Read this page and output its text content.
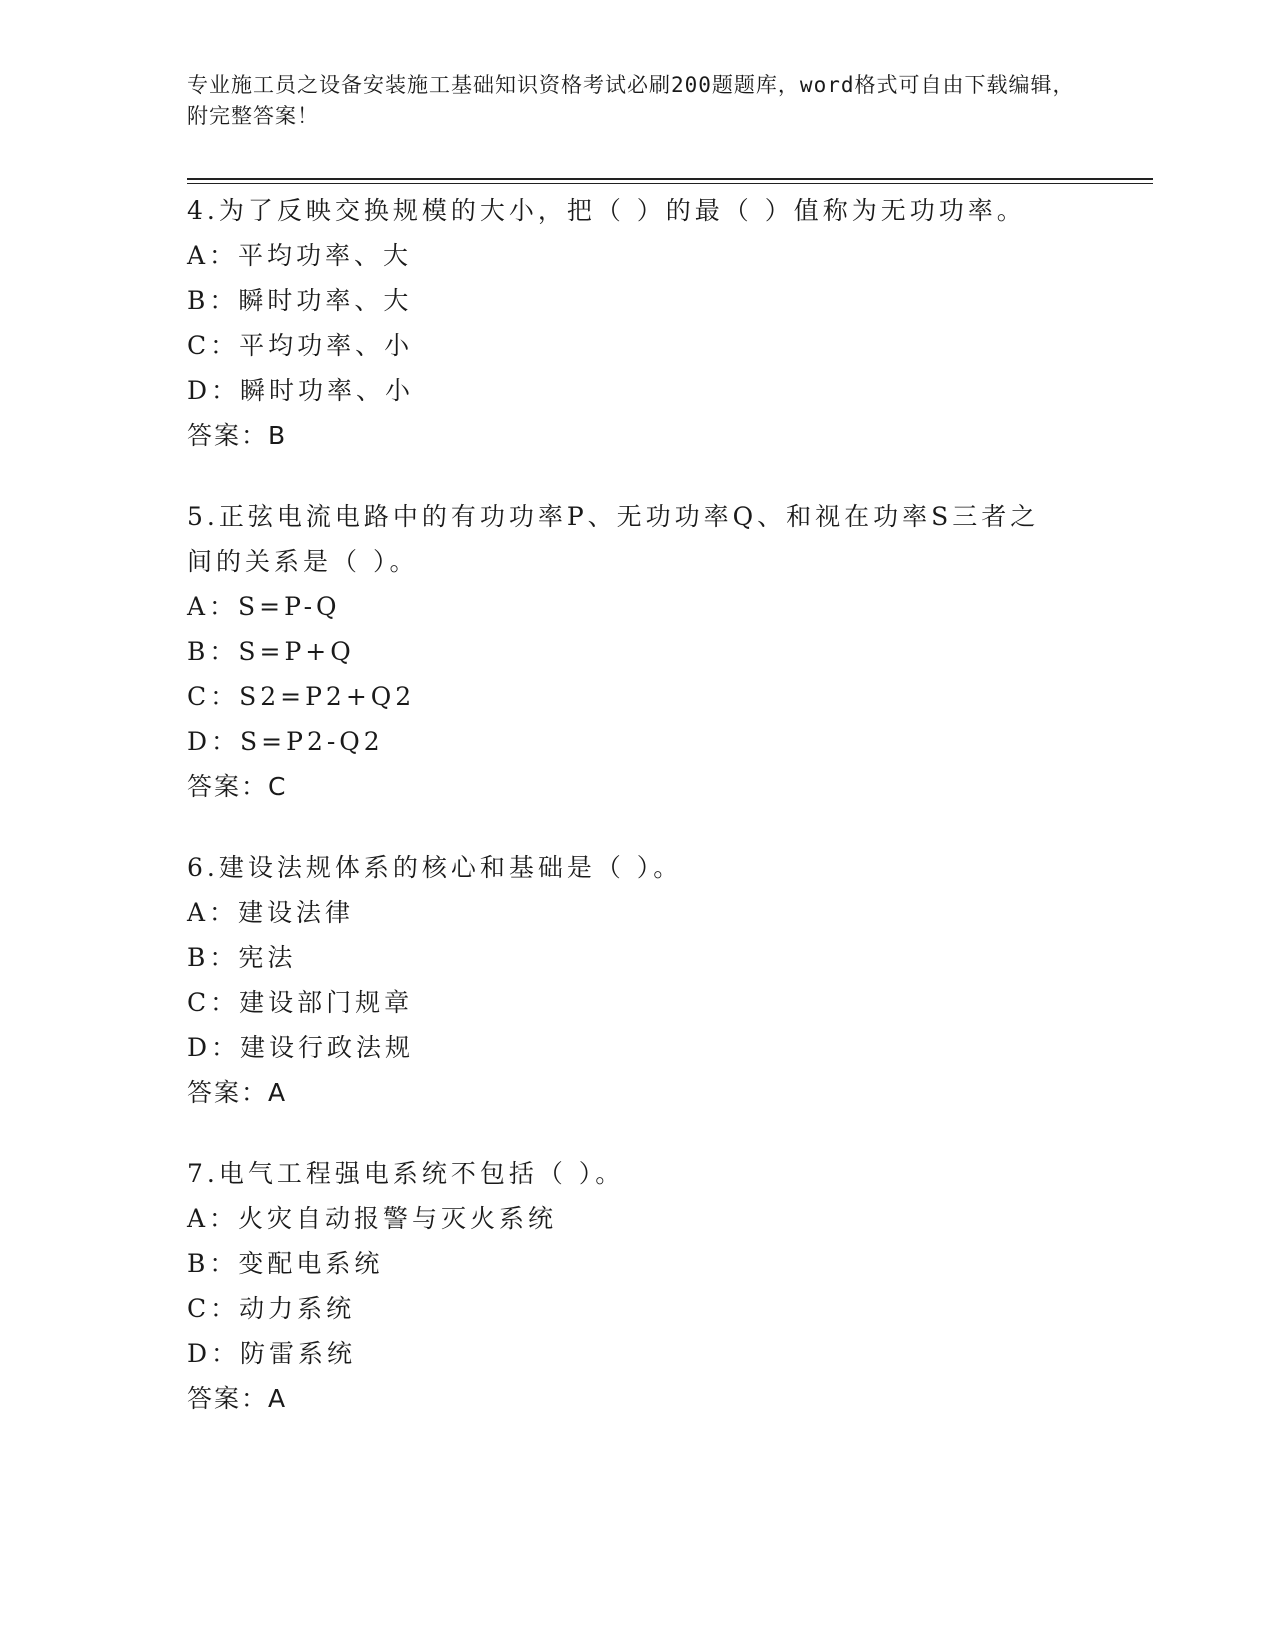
专业施工员之设备安装施工基础知识资格考试必刷200题题库，word格式可自由下载编辑，附完整答案！

4.为了反映交换规模的大小，把（ ）的最（ ）值称为无功功率。

A：平均功率、大

B：瞬时功率、大

C：平均功率、小

D：瞬时功率、小

答案：B

5.正弦电流电路中的有功功率P、无功功率Q、和视在功率S三者之间的关系是（ ）。

A：S=P-Q

B：S=P+Q

C：S2=P2+Q2

D：S=P2-Q2

答案：C

6.建设法规体系的核心和基础是（ ）。

A：建设法律

B：宪法

C：建设部门规章

D：建设行政法规

答案：A

7.电气工程强电系统不包括（ ）。

A：火灾自动报警与灭火系统

B：变配电系统

C：动力系统

D：防雷系统

答案：A
